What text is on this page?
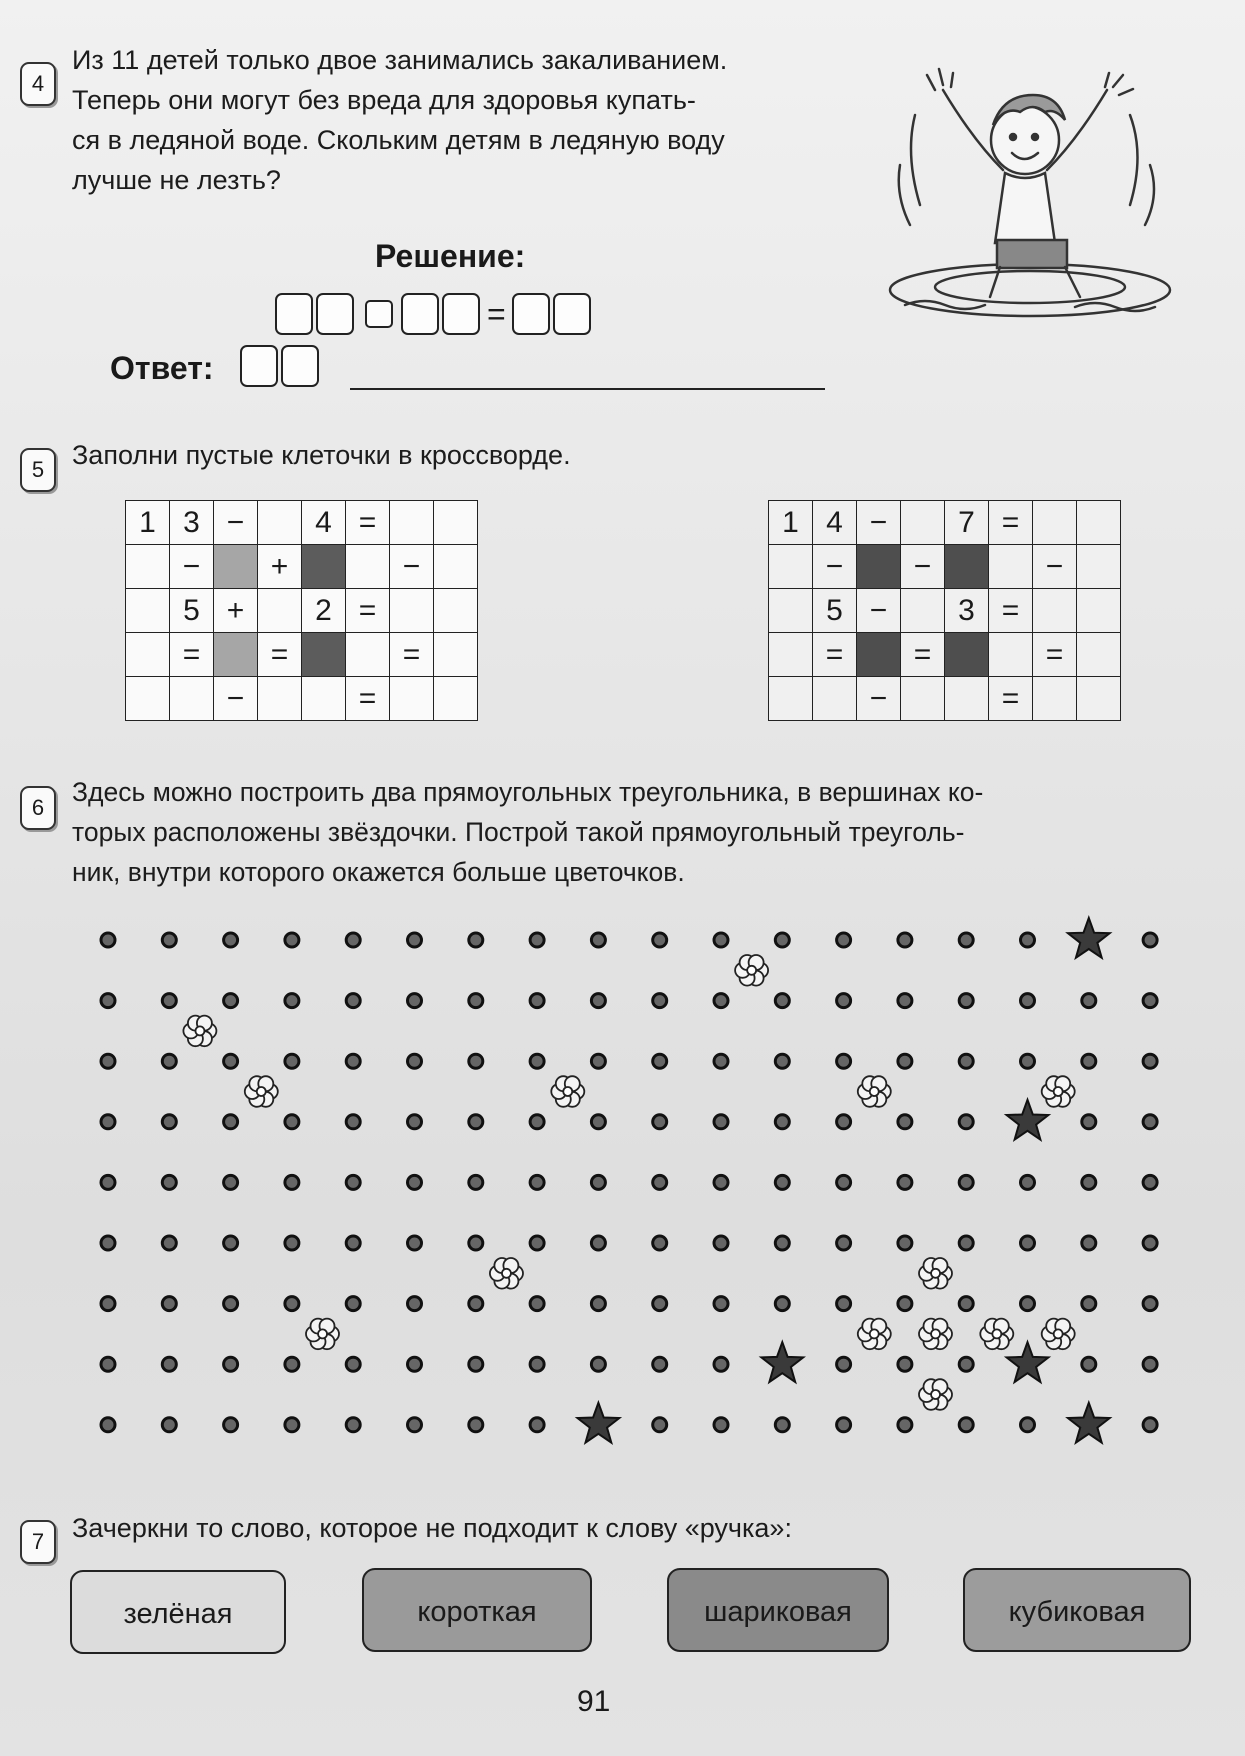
4
Из 11 детей только двое занимались закаливанием.
Теперь они могут без вреда для здоровья купать-
ся в ледяной воде. Скольким детям в ледяную воду
лучше не лезть?
Решение:
=
Ответ:
5	Заполни пустые клеточки в кроссворде.
1	3	−		4	=		
	−		+			−	
	5	+		2	=		
	=		=			=	
		−			=		
1	4	−		7	=		
	−		−			−	
	5	−		3	=		
	=		=			=	
		−			=		
6
Здесь можно построить два прямоугольных треугольника, в вершинах ко-
торых расположены звёздочки. Построй такой прямоугольный треуголь-
ник, внутри которого окажется больше цветочков.
7	Зачеркни то слово, которое не подходит к слову «ручка»:
зелёная	короткая	шариковая	кубиковая
91
